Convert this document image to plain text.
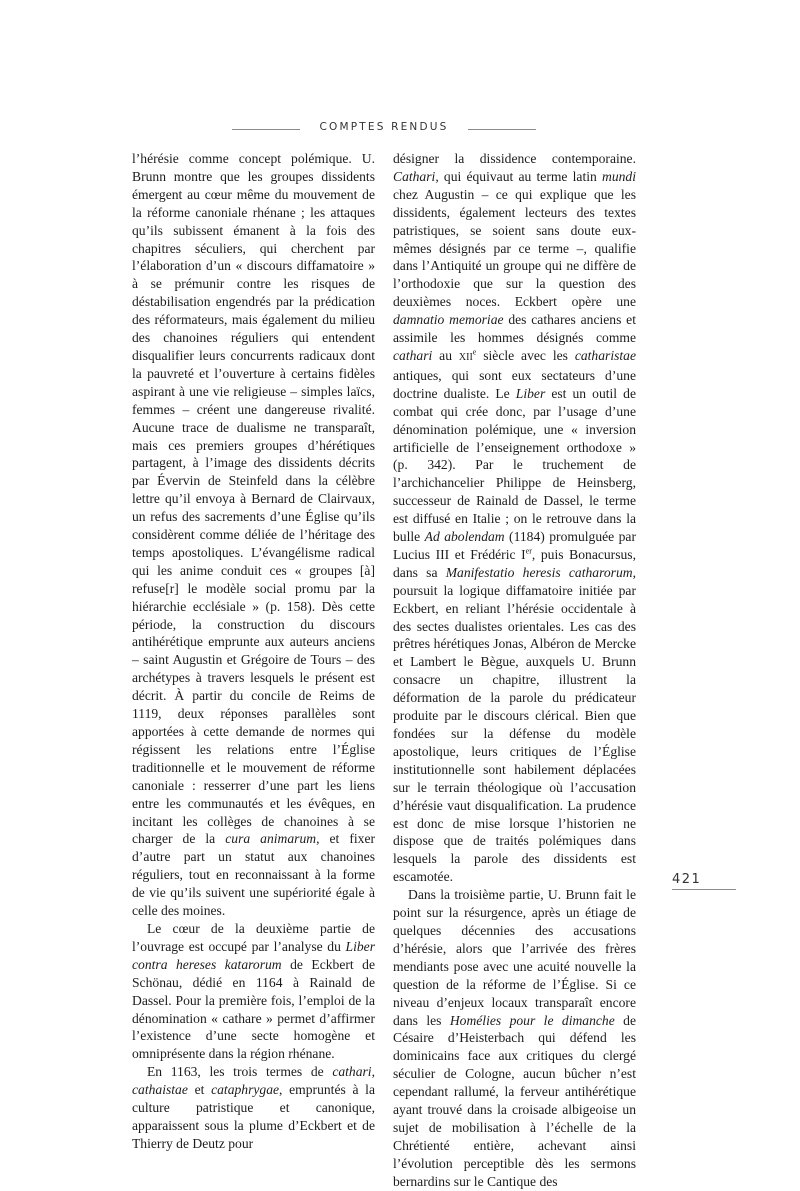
COMPTES RENDUS

l’hérésie comme concept polémique. U. Brunn montre que les groupes dissidents émergent au cœur même du mouvement de la réforme canoniale rhénane ; les attaques qu’ils subissent émanent à la fois des chapitres séculiers, qui cherchent par l’élaboration d’un « discours diffamatoire » à se prémunir contre les risques de déstabilisation engendrés par la prédication des réformateurs, mais également du milieu des chanoines réguliers qui entendent disqualifier leurs concurrents radicaux dont la pauvreté et l’ouverture à certains fidèles aspirant à une vie religieuse – simples laïcs, femmes – créent une dangereuse rivalité. Aucune trace de dualisme ne transparaît, mais ces premiers groupes d’hérétiques partagent, à l’image des dissidents décrits par Évervin de Steinfeld dans la célèbre lettre qu’il envoya à Bernard de Clairvaux, un refus des sacrements d’une Église qu’ils considèrent comme déliée de l’héritage des temps apostoliques. L’évangélisme radical qui les anime conduit ces « groupes [à] refuse[r] le modèle social promu par la hiérarchie ecclésiale » (p. 158). Dès cette période, la construction du discours antihérétique emprunte aux auteurs anciens – saint Augustin et Grégoire de Tours – des archétypes à travers lesquels le présent est décrit. À partir du concile de Reims de 1119, deux réponses parallèles sont apportées à cette demande de normes qui régissent les relations entre l’Église traditionnelle et le mouvement de réforme canoniale : resserrer d’une part les liens entre les communautés et les évêques, en incitant les collèges de chanoines à se charger de la cura animarum, et fixer d’autre part un statut aux chanoines réguliers, tout en reconnaissant à la forme de vie qu’ils suivent une supériorité égale à celle des moines.

Le cœur de la deuxième partie de l’ouvrage est occupé par l’analyse du Liber contra hereses katarorum de Eckbert de Schönau, dédié en 1164 à Rainald de Dassel. Pour la première fois, l’emploi de la dénomination « cathare » permet d’affirmer l’existence d’une secte homogène et omniprésente dans la région rhénane.

En 1163, les trois termes de cathari, cathaistae et cataphrygae, empruntés à la culture patristique et canonique, apparaissent sous la plume d’Eckbert et de Thierry de Deutz pour

désigner la dissidence contemporaine. Cathari, qui équivaut au terme latin mundi chez Augustin – ce qui explique que les dissidents, également lecteurs des textes patristiques, se soient sans doute eux-mêmes désignés par ce terme –, qualifie dans l’Antiquité un groupe qui ne diffère de l’orthodoxie que sur la question des deuxièmes noces. Eckbert opère une damnatio memoriae des cathares anciens et assimile les hommes désignés comme cathari au XIIe siècle avec les catharistae antiques, qui sont eux sectateurs d’une doctrine dualiste. Le Liber est un outil de combat qui crée donc, par l’usage d’une dénomination polémique, une « inversion artificielle de l’enseignement orthodoxe » (p. 342). Par le truchement de l’archichancelier Philippe de Heinsberg, successeur de Rainald de Dassel, le terme est diffusé en Italie ; on le retrouve dans la bulle Ad abolendam (1184) promulguée par Lucius III et Frédéric Ier, puis Bonacursus, dans sa Manifestatio heresis catharorum, poursuit la logique diffamatoire initiée par Eckbert, en reliant l’hérésie occidentale à des sectes dualistes orientales. Les cas des prêtres hérétiques Jonas, Albéron de Mercke et Lambert le Bègue, auxquels U. Brunn consacre un chapitre, illustrent la déformation de la parole du prédicateur produite par le discours clérical. Bien que fondées sur la défense du modèle apostolique, leurs critiques de l’Église institutionnelle sont habilement déplacées sur le terrain théologique où l’accusation d’hérésie vaut disqualification. La prudence est donc de mise lorsque l’historien ne dispose que de traités polémiques dans lesquels la parole des dissidents est escamotée.

Dans la troisième partie, U. Brunn fait le point sur la résurgence, après un étiage de quelques décennies des accusations d’hérésie, alors que l’arrivée des frères mendiants pose avec une acuité nouvelle la question de la réforme de l’Église. Si ce niveau d’enjeux locaux transparaît encore dans les Homélies pour le dimanche de Césaire d’Heisterbach qui défend les dominicains face aux critiques du clergé séculier de Cologne, aucun bûcher n’est cependant rallumé, la ferveur antihérétique ayant trouvé dans la croisade albigeoise un sujet de mobilisation à l’échelle de la Chrétienté entière, achevant ainsi l’évolution perceptible dès les sermons bernardins sur le Cantique des

421
